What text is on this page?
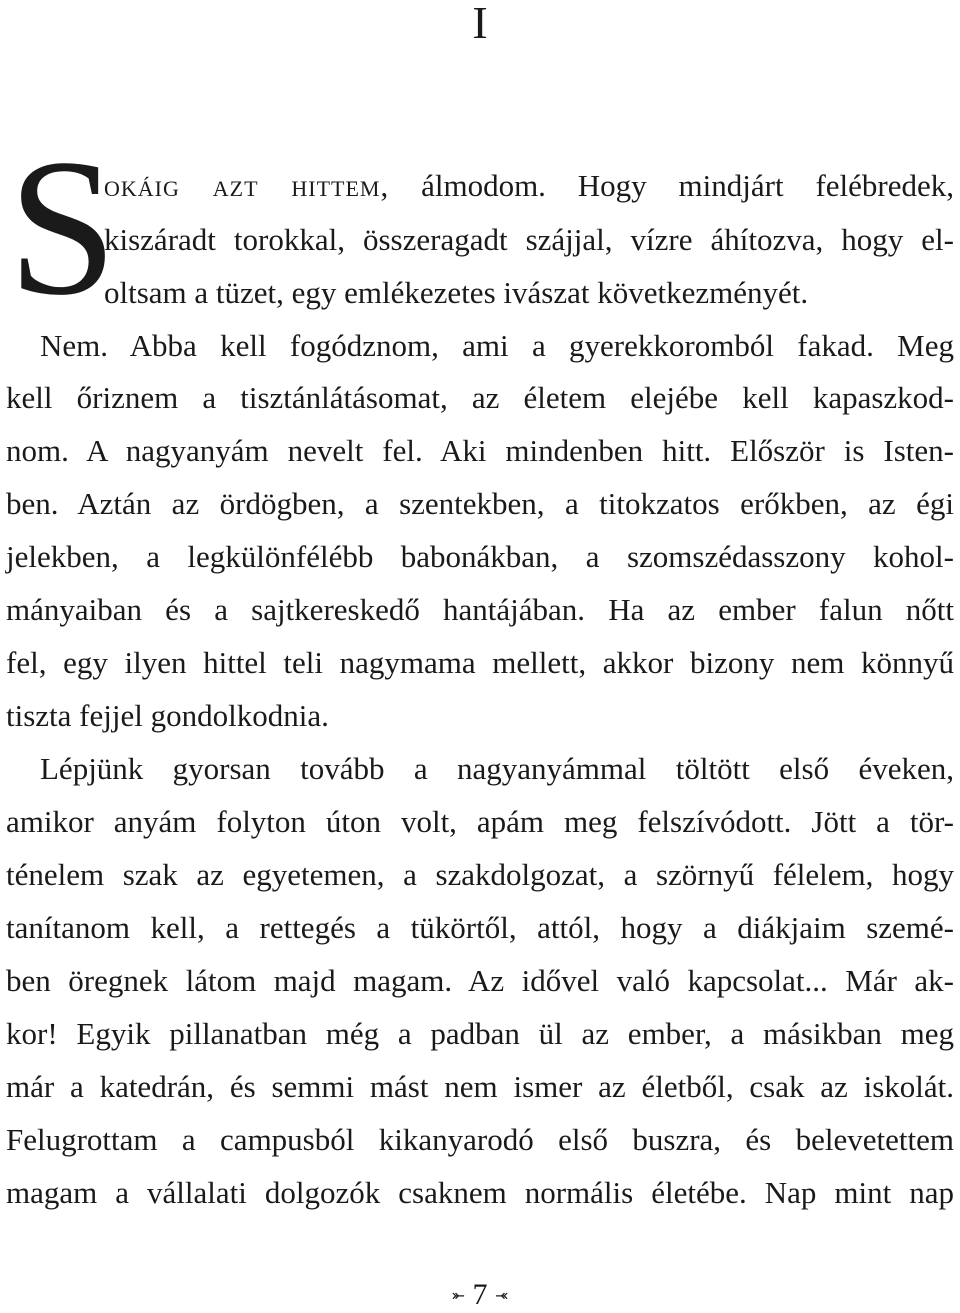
I
S
okáig azt hittem, álmodom. Hogy mindjárt felébredek,
kiszáradt torokkal, összeragadt szájjal, vízre áhítozva, hogy el-
oltsam a tüzet, egy emlékezetes ivászat következményét.
Nem. Abba kell fogódznom, ami a gyerekkoromból fakad. Meg
kell őriznem a tisztánlátásomat, az életem elejébe kell kapaszkod-
nom. A nagyanyám nevelt fel. Aki mindenben hitt. Először is Isten-
ben. Aztán az ördögben, a szentekben, a titokzatos erőkben, az égi
jelekben, a legkülönfélébb babonákban, a szomszédasszony kohol-
mányaiban és a sajtkereskedő hantájában. Ha az ember falun nőtt
fel, egy ilyen hittel teli nagymama mellett, akkor bizony nem könnyű
tiszta fejjel gondolkodnia.
Lépjünk gyorsan tovább a nagyanyámmal töltött első éveken,
amikor anyám folyton úton volt, apám meg felszívódott. Jött a tör-
ténelem szak az egyetemen, a szakdolgozat, a szörnyű félelem, hogy
tanítanom kell, a rettegés a tükörtől, attól, hogy a diákjaim szemé-
ben öregnek látom majd magam. Az idővel való kapcsolat... Már ak-
kor! Egyik pillanatban még a padban ül az ember, a másikban meg
már a katedrán, és semmi mást nem ismer az életből, csak az iskolát.
Felugrottam a campusból kikanyarodó első buszra, és belevetettem
magam a vállalati dolgozók csaknem normális életébe. Nap mint nap
⤜ 7 ⤛
